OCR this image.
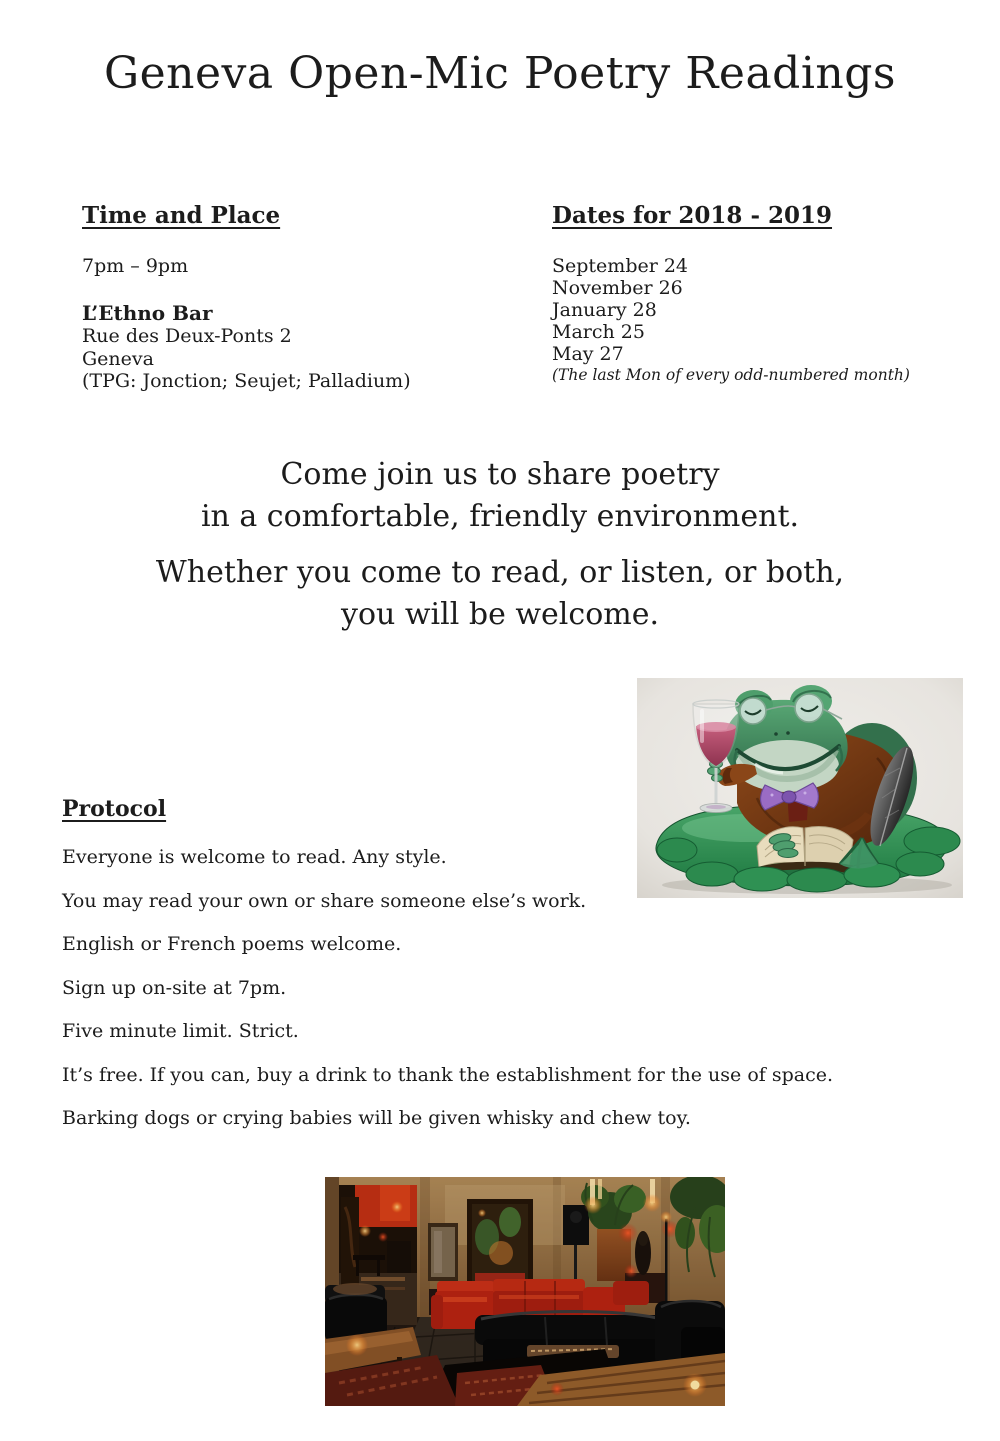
Geneva Open-Mic Poetry Readings
Time and Place

7pm – 9pm

L’Ethno Bar

Rue des Deux-Ponts 2

Geneva

(TPG: Jonction; Seujet; Palladium)

Dates for 2018 - 2019

September 24

November 26

January 28

March 25

May 27

(The last Mon of every odd-numbered month)

Come join us to share poetry

in a comfortable, friendly environment.

Whether you come to read, or listen, or both,

you will be welcome.

Protocol

Everyone is welcome to read. Any style.

You may read your own or share someone else’s work.

English or French poems welcome.

Sign up on-site at 7pm.

Five minute limit. Strict.

It’s free. If you can, buy a drink to thank the establishment for the use of space.

Barking dogs or crying babies will be given whisky and chew toy.
